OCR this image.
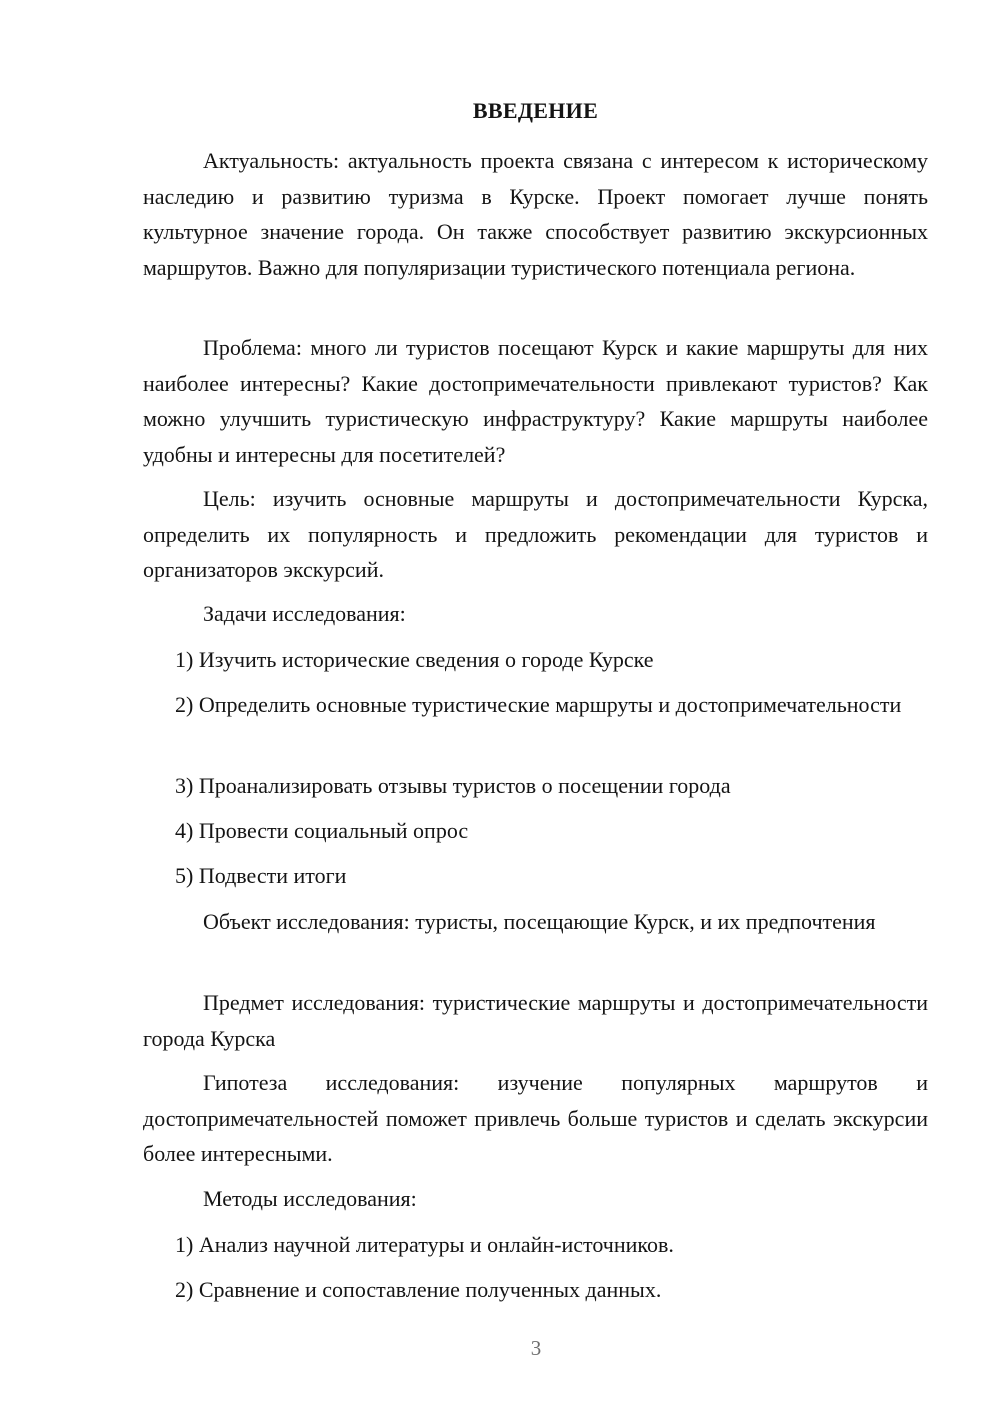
ВВЕДЕНИЕ
Актуальность: актуальность проекта связана с интересом к историческому наследию и развитию туризма в Курске. Проект помогает лучше понять культурное значение города. Он также способствует развитию экскурсионных маршрутов. Важно для популяризации туристического потенциала региона.
Проблема: много ли туристов посещают Курск и какие маршруты для них наиболее интересны? Какие достопримечательности привлекают туристов? Как можно улучшить туристическую инфраструктуру? Какие маршруты наиболее удобны и интересны для посетителей?
Цель: изучить основные маршруты и достопримечательности Курска, определить их популярность и предложить рекомендации для туристов и организаторов экскурсий.
Задачи исследования:
1) Изучить исторические сведения о городе Курске
2) Определить основные туристические маршруты и достопримечательности
3) Проанализировать отзывы туристов о посещении города
4) Провести социальный опрос
5) Подвести итоги
Объект исследования: туристы, посещающие Курск, и их предпочтения
Предмет исследования: туристические маршруты и достопримечательности города Курска
Гипотеза исследования: изучение популярных маршрутов и достопримечательностей поможет привлечь больше туристов и сделать экскурсии более интересными.
Методы исследования:
1) Анализ научной литературы и онлайн-источников.
2) Сравнение и сопоставление полученных данных.
3
